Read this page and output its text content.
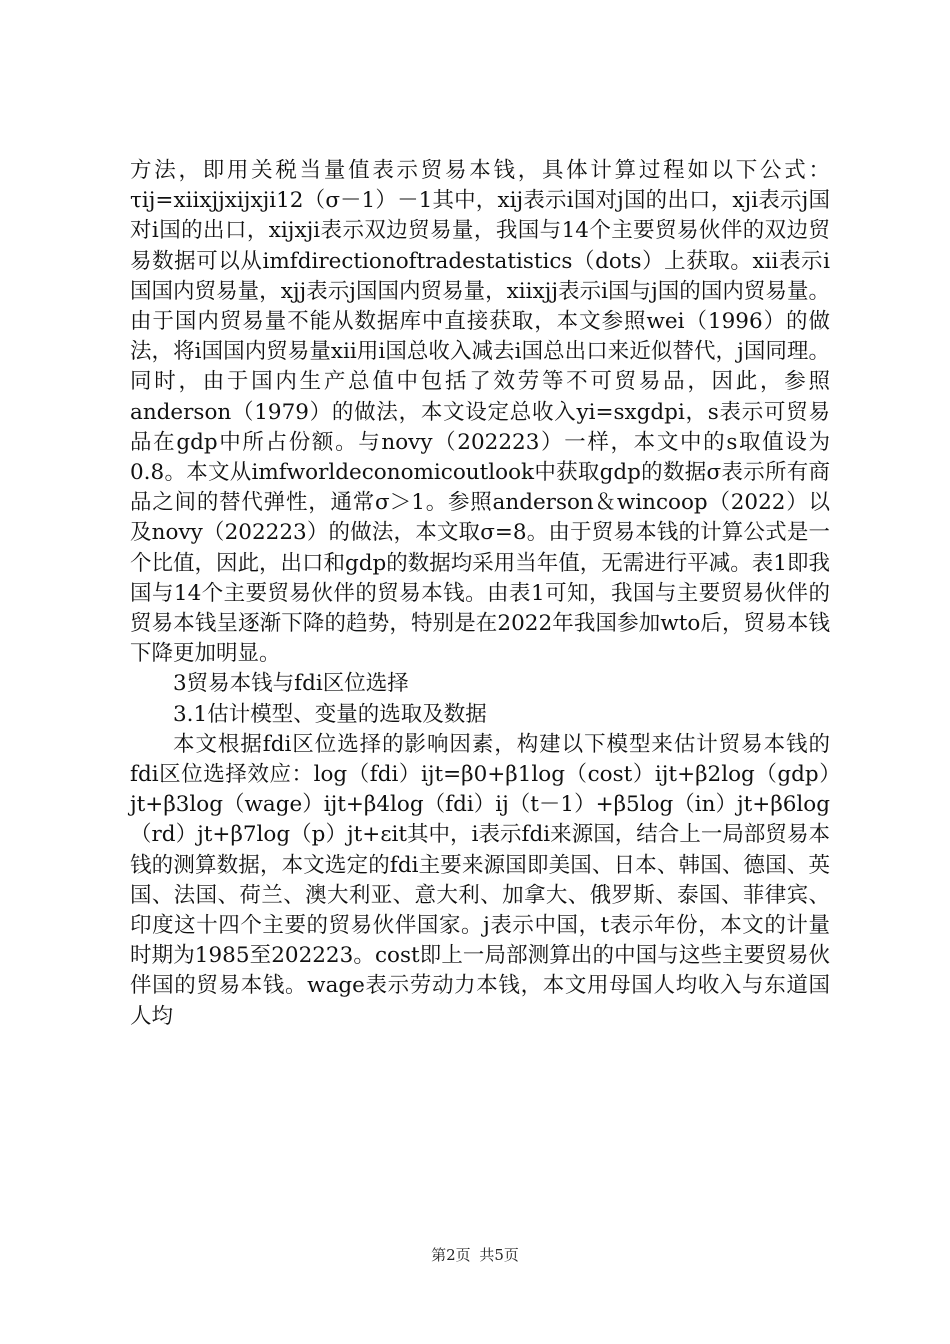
方法，即用关税当量值表示贸易本钱，具体计算过程如以下公式：τij=xiixjjxijxji12（σ－1）－1其中，xij表示i国对j国的出口，xji表示j国对i国的出口，xijxji表示双边贸易量，我国与14个主要贸易伙伴的双边贸易数据可以从imfdirectionoftradestatistics（dots）上获取。xii表示i国国内贸易量，xjj表示j国国内贸易量，xiixjj表示i国与j国的国内贸易量。由于国内贸易量不能从数据库中直接获取，本文参照wei（1996）的做法，将i国国内贸易量xii用i国总收入减去i国总出口来近似替代，j国同理。同时，由于国内生产总值中包括了效劳等不可贸易品，因此，参照anderson（1979）的做法，本文设定总收入yi=sxgdpi，s表示可贸易品在gdp中所占份额。与novy（202223）一样，本文中的s取值设为0.8。本文从imfworldeconomicoutlook中获取gdp的数据σ表示所有商品之间的替代弹性，通常σ＞1。参照anderson＆wincoop（2022）以及novy（202223）的做法，本文取σ=8。由于贸易本钱的计算公式是一个比值，因此，出口和gdp的数据均采用当年值，无需进行平减。表1即我国与14个主要贸易伙伴的贸易本钱。由表1可知，我国与主要贸易伙伴的贸易本钱呈逐渐下降的趋势，特别是在2022年我国参加wto后，贸易本钱下降更加明显。

3贸易本钱与fdi区位选择

3.1估计模型、变量的选取及数据

本文根据fdi区位选择的影响因素，构建以下模型来估计贸易本钱的fdi区位选择效应：log（fdi）ijt=β0+β1log（cost）ijt+β2log（gdp）jt+β3log（wage）ijt+β4log（fdi）ij（t－1）+β5log（in）jt+β6log（rd）jt+β7log（p）jt+εit其中，i表示fdi来源国，结合上一局部贸易本钱的测算数据，本文选定的fdi主要来源国即美国、日本、韩国、德国、英国、法国、荷兰、澳大利亚、意大利、加拿大、俄罗斯、泰国、菲律宾、印度这十四个主要的贸易伙伴国家。j表示中国，t表示年份，本文的计量时期为1985至202223。cost即上一局部测算出的中国与这些主要贸易伙伴国的贸易本钱。wage表示劳动力本钱，本文用母国人均收入与东道国人均

第2页 共5页
